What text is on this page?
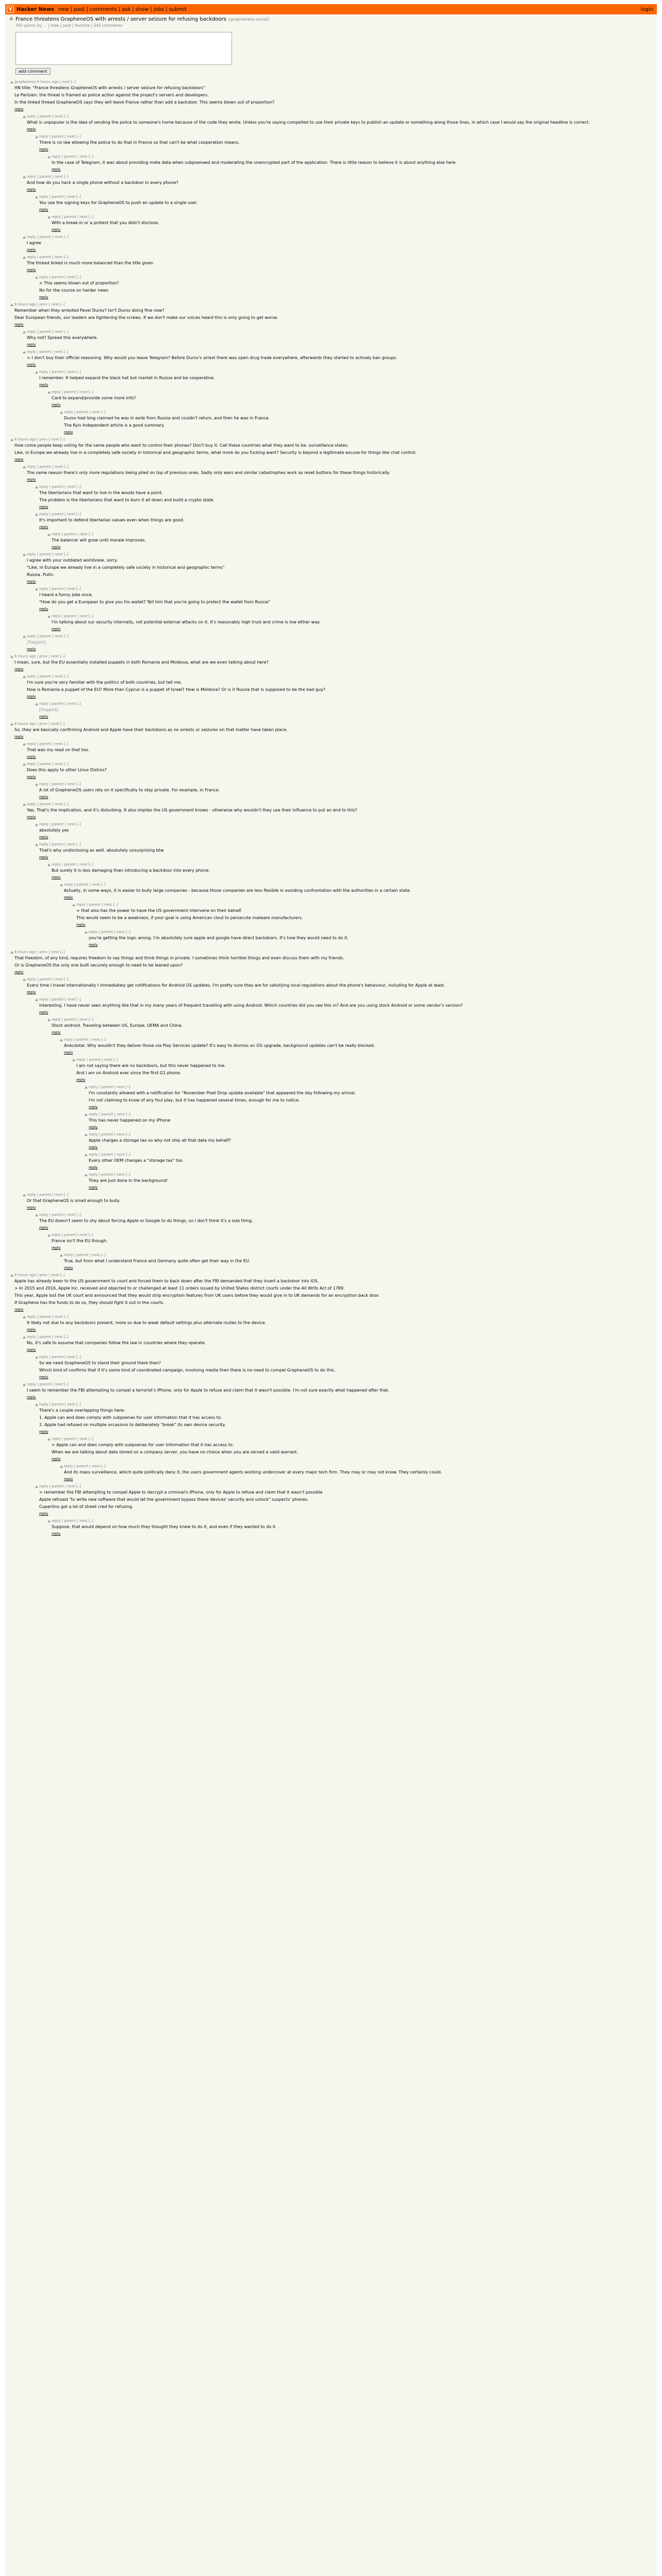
Y Hacker News new | past | comments | ask | show | jobs | submit	login
France threatens GrapheneOS with arrests / server seizure for refusing backdoors (grapheneos.social)
392 points by ... | hide | past | favorite | 345 comments
add comment
grapheneos 6 hours ago | next [–]

HN title: "France threatens GrapheneOS with arrests / server seizure for refusing backdoors"

Le Parisien: the threat is framed as police action against the project's servers and developers.

In the linked thread GrapheneOS says they will leave France rather than add a backdoor. This seems blown out of proportion?

reply
reply | parent | next [–]

What is unpopular is the idea of sending the police to someone's home because of the code they wrote. Unless you're saying compelled to use their private keys to publish an update or something along those lines, in which case I would say the original headline is correct.

reply
reply | parent | next [–]

There is no law allowing the police to do that in France so that can't be what cooperation means.

reply
reply | parent | next [–]

In the case of Telegram, it was about providing meta data when subpoenaed and moderating the unencrypted part of the application. There is little reason to believe it is about anything else here.

reply
reply | parent | next [–]

And how do you hack a single phone without a backdoor in every phone?

reply
reply | parent | next [–]

You use the signing keys for GrapheneOS to push an update to a single user.

reply
reply | parent | next [–]

With a break-in or a protest that you didn't disclose.

reply
reply | parent | next [–]

I agree

reply
reply | parent | next [–]

The thread linked is much more balanced than the title given

reply
reply | parent | next [–]

> This seems blown out of proportion?

No for the course on harder news

reply
6 hours ago | prev | next [–]

Remember when they arrested Pavel Durov? Isn't Durov doing fine now?

Dear European friends, our leaders are tightening the screws. If we don't make our voices heard this is only going to get worse.

reply
reply | parent | next [–]

Why not? Spread this everywhere.

reply
reply | parent | next [–]

> I don't buy their official reasoning. Why would you leave Telegram? Before Durov's arrest there was open drug trade everywhere, afterwards they started to actively ban groups.

reply
reply | parent | next [–]

I remember. It helped expand the black hat bot market in Russia and be cooperative.

reply
reply | parent | next [–]

Card to expand/provide some more info?

reply
reply | parent | next [–]

Durov had long claimed he was in exile from Russia and couldn't return, and then he was in France.

The Kyiv Independent article is a good summary.

reply
6 hours ago | prev | next [–]

How come people keep voting for the same people who want to control their phones? Don't buy it. Call these countries what they want to be: surveillance states.

Like, in Europe we already live in a completely safe society in historical and geographic terms, what more do you fucking want? Security is beyond a legitimate excuse for things like chat control.

reply
reply | parent | next [–]

The same reason there's only more regulations being piled on top of previous ones. Sadly only wars and similar catastrophes work as reset buttons for these things historically.

reply
reply | parent | next [–]

The libertarians that want to live in the woods have a point.

The problem is the libertarians that want to burn it all down and build a crypto state.

reply
reply | parent | next [–]

It's important to defend libertarian values even when things are good.

reply
reply | parent | next [–]

The balancer will grow until morale improves.

reply
reply | parent | next [–]

I agree with your outdated worldview, sorry.

"Like, in Europe we already live in a completely safe society in historical and geographic terms"

Russia. Putin.

reply
reply | parent | next [–]

I heard a funny joke once.

"How do you get a European to give you his wallet? Tell him that you're going to protect the wallet from Russia"

reply
reply | parent | next [–]

I'm talking about our security internally, not potential external attacks on it. It's reasonably high trust and crime is low either way.

reply
reply | parent | next [–]

[flagged]

reply
6 hours ago | prev | next [–]

I mean, sure, but the EU essentially installed puppets in both Romania and Moldova, what are we even talking about here?

reply
reply | parent | next [–]

I'm sure you're very familiar with the politics of both countries, but tell me,

How is Romania a puppet of the EU? More than Cyprus is a puppet of Israel? How is Moldova? Or is it Russia that is supposed to be the bad guy?

reply
reply | parent | next [–]

[flagged]

reply
6 hours ago | prev | next [–]

So, they are basically confirming Android and Apple have their backdoors as no arrests or seizures on that matter have taken place.

reply
reply | parent | next [–]

That was my read on that too.

reply
reply | parent | next [–]

Does this apply to other Linux Distros?

reply
reply | parent | next [–]

A lot of GrapheneOS users rely on it specifically to stay private. For example, in France.

reply
reply | parent | next [–]

Yep. That's the implication, and it's disturbing. It also implies the US government knows - otherwise why wouldn't they use their influence to put an end to this?

reply
reply | parent | next [–]

absolutely yes

reply
reply | parent | next [–]

That's why undisclosing as well. absolutely unsurprising btw

reply
reply | parent | next [–]

But surely it is less damaging than introducing a backdoor into every phone.

reply
reply | parent | next [–]

Actually, in some ways, it is easier to bully large companies - because those companies are less flexible in avoiding confrontation with the authorities in a certain state.

reply
reply | parent | next [–]

> that also has the power to have the US government intervene on their behalf.

This would seem to be a weakness, if your goal is using American clout to persecute malware manufacturers.

reply
reply | parent | next [–]

you're getting the logic wrong. I'm absolutely sure apple and google have direct backdoors. It's how they would need to do it.

reply
6 hours ago | prev | next [–]

That freedom, of any kind, requires freedom to say things and think things in private. I sometimes think horrible things and even discuss them with my friends.

Or is GrapheneOS the only one built securely enough to need to be leaned upon?

reply
reply | parent | next [–]

Every time I travel internationally I immediately get notifications for Android OS updates. I'm pretty sure they are for satisfying local regulations about the phone's behaviour, including for Apple at least.

reply
reply | parent | next [–]

Interesting. I have never seen anything like that in my many years of frequent travelling with using Android. Which countries did you see this in? And are you using stock Android or some vendor's version?

reply
reply | parent | next [–]

Stock android. Traveling between US, Europe, UEMA and China.

reply
reply | parent | next [–]

Anecdotal. Why wouldn't they deliver those via Play Services update? It's easy to dismiss on OS upgrade, background updates can't be really blocked.

reply
reply | parent | next [–]

I am not saying there are no backdoors, but this never happened to me.

And I am on Android ever since the first G1 phone.

reply
reply | parent | next [–]

I'm constantly allowed with a notification for "November Pixel Drop update available" that appeared the day following my arrival.

I'm not claiming to know of any foul play, but it has happened several times, enough for me to notice.

reply
reply | parent | next [–]

This has never happened on my iPhone

reply
reply | parent | next [–]

Apple charges a storage tax so why not ship all that data my behalf?

reply
reply | parent | next [–]

Every other OEM changes a "storage tax" too

reply
reply | parent | next [–]

They are just done in the background!

reply
reply | parent | next [–]

Or that GrapheneOS is small enough to bully.

reply
reply | parent | next [–]

The EU doesn't seem to shy about forcing Apple or Google to do things, so I don't think it's a size thing.

reply
reply | parent | next [–]

France isn't the EU though.

reply
reply | parent | next [–]

True, but from what I understand France and Germany quite often get their way in the EU.

reply
6 hours ago | prev | next [–]

Apple has already been to the US government to court and forced them to back down after the FBI demanded that they insert a backdoor into iOS.

> In 2015 and 2016, Apple Inc. received and objected to or challenged at least 11 orders issued by United States district courts under the All Writs Act of 1789.

This year, Apple lost the UK court and announced that they would strip encryption features from UK users before they would give in to UK demands for an encryption back door.

If Graphene has the funds to do so, they should fight it out in the courts.

reply
reply | parent | next [–]

It likely not due to any backdoors present, more so due to weak default settings plus alternate routes to the device.

reply
reply | parent | next [–]

No, it's safe to assume that companies follow the law in countries where they operate.

reply
reply | parent | next [–]

So we need GrapheneOS to stand their ground there then?

Which kind of confirms that if it's some kind of coordinated campaign, involving media then there is no need to compel GrapheneOS to do this.

reply
reply | parent | next [–]

I seem to remember the FBI attempting to compel a terrorist's iPhone, only for Apple to refuse and claim that it wasn't possible. I'm not sure exactly what happened after that.

reply
reply | parent | next [–]

There's a couple overlapping things here:

1. Apple can and does comply with subpoenas for user information that it has access to.

2. Apple had refused on multiple occasions to deliberately "break" its own device security.

reply
reply | parent | next [–]

> Apple can and does comply with subpoenas for user information that it has access to.

When we are talking about data stored on a company server, you have no choice when you are served a valid warrant.

reply
reply | parent | next [–]

And its mass surveillance, which quite politically deny it, the users government agents working undercover at every major tech firm. They may or may not know. They certainly could.

reply
reply | parent | next [–]

> remember the FBI attempting to compel Apple to decrypt a criminal's iPhone, only for Apple to refuse and claim that it wasn't possible

Apple refused "to write new software that would let the government bypass these devices' security and unlock" suspects' phones.

Cupertino got a lot of street cred for refusing.

reply
reply | parent | next [–]

Suppose, that would depend on how much they thought they knew to do it, and even if they wanted to do it.

reply
